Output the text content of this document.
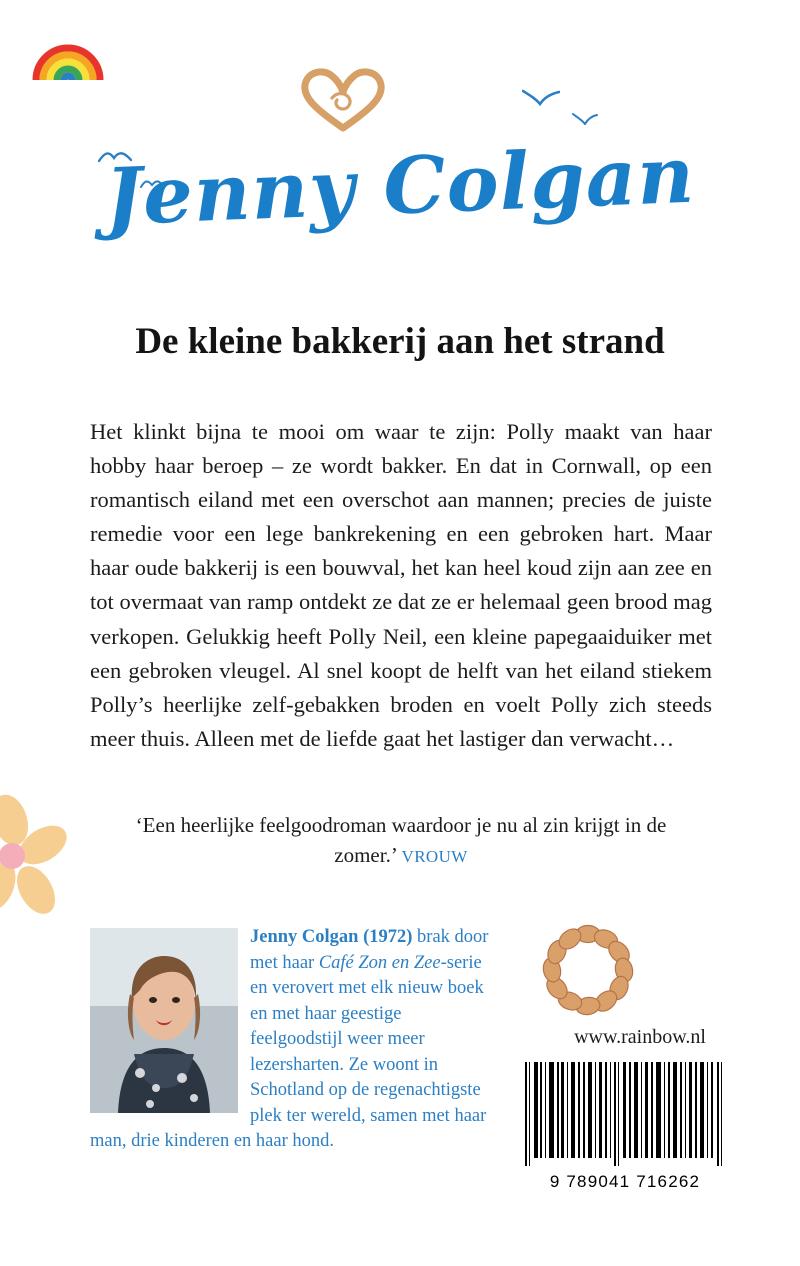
Jenny Colgan
De kleine bakkerij aan het strand

Het klinkt bijna te mooi om waar te zijn: Polly maakt van haar hobby haar beroep – ze wordt bakker. En dat in Cornwall, op een romantisch eiland met een overschot aan mannen; precies de juiste remedie voor een lege bankrekening en een gebroken hart. Maar haar oude bakkerij is een bouwval, het kan heel koud zijn aan zee en tot overmaat van ramp ontdekt ze dat ze er helemaal geen brood mag verkopen. Gelukkig heeft Polly Neil, een kleine papegaaiduiker met een gebroken vleugel. Al snel koopt de helft van het eiland stiekem Polly’s heerlijke zelf-gebakken broden en voelt Polly zich steeds meer thuis. Alleen met de liefde gaat het lastiger dan verwacht…

‘Een heerlijke feelgoodroman waardoor je nu al zin krijgt in de zomer.’ VROUW
Jenny Colgan (1972) brak door met haar Café Zon en Zee-serie en verovert met elk nieuw boek en met haar geestige feelgoodstijl weer meer lezersharten. Ze woont in Schotland op de regenachtigste plek ter wereld, samen met haar man, drie kinderen en haar hond.
www.rainbow.nl
9 789041 716262
